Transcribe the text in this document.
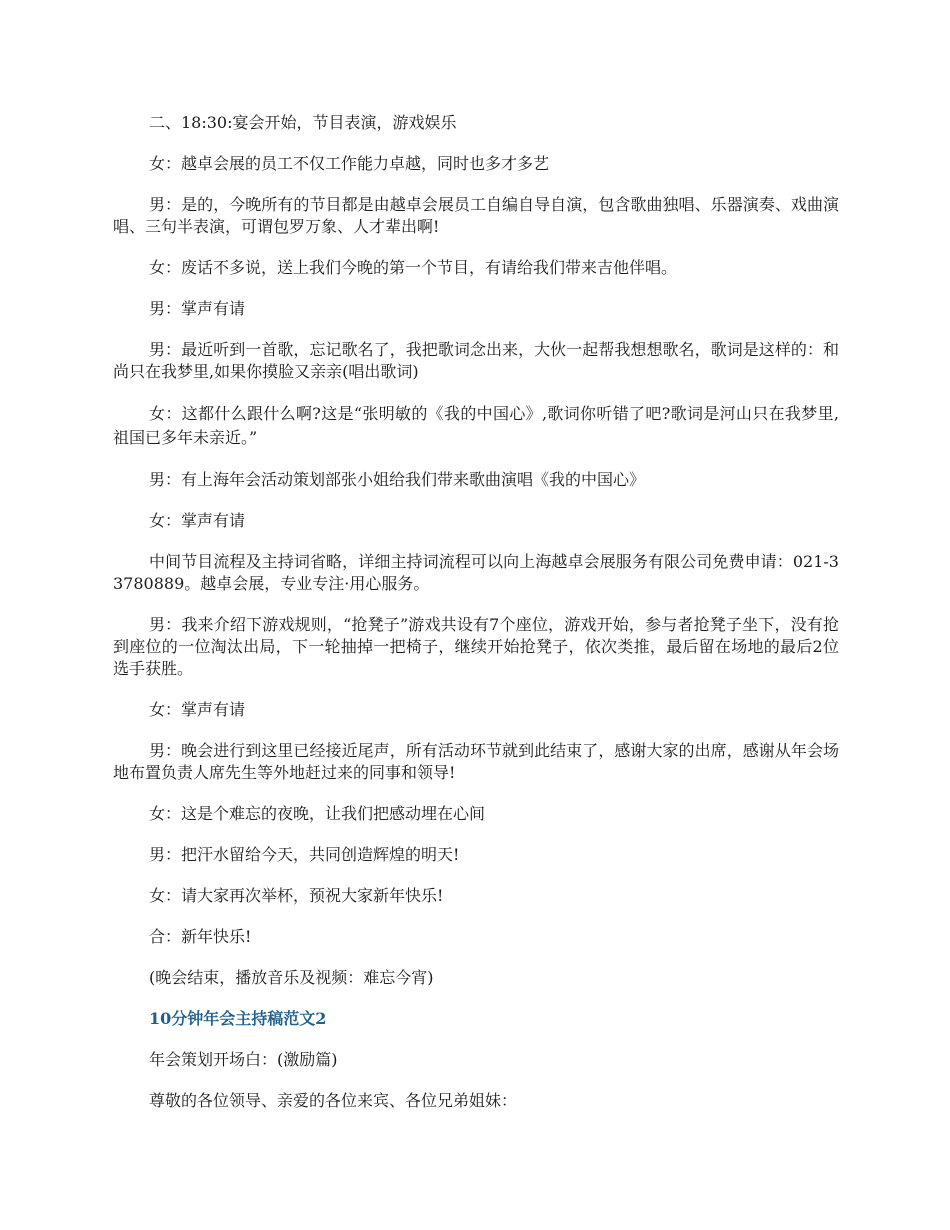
二、18:30:宴会开始，节目表演，游戏娱乐

女：越卓会展的员工不仅工作能力卓越，同时也多才多艺

男：是的，今晚所有的节目都是由越卓会展员工自编自导自演，包含歌曲独唱、乐器演奏、戏曲演唱、三句半表演，可谓包罗万象、人才辈出啊!

女：废话不多说，送上我们今晚的第一个节目，有请给我们带来吉他伴唱。

男：掌声有请

男：最近听到一首歌，忘记歌名了，我把歌词念出来，大伙一起帮我想想歌名，歌词是这样的：和尚只在我梦里,如果你摸脸又亲亲(唱出歌词)

女：这都什么跟什么啊?这是“张明敏的《我的中国心》,歌词你听错了吧?歌词是河山只在我梦里,祖国已多年未亲近。”

男：有上海年会活动策划部张小姐给我们带来歌曲演唱《我的中国心》

女：掌声有请

中间节目流程及主持词省略，详细主持词流程可以向上海越卓会展服务有限公司免费申请：021-33780889。越卓会展，专业专注·用心服务。

男：我来介绍下游戏规则，“抢凳子”游戏共设有7个座位，游戏开始，参与者抢凳子坐下，没有抢到座位的一位淘汰出局，下一轮抽掉一把椅子，继续开始抢凳子，依次类推，最后留在场地的最后2位选手获胜。

女：掌声有请

男：晚会进行到这里已经接近尾声，所有活动环节就到此结束了，感谢大家的出席，感谢从年会场地布置负责人席先生等外地赶过来的同事和领导!

女：这是个难忘的夜晚，让我们把感动埋在心间

男：把汗水留给今天，共同创造辉煌的明天!

女：请大家再次举杯，预祝大家新年快乐!

合：新年快乐!

(晚会结束，播放音乐及视频：难忘今宵)

10分钟年会主持稿范文2

年会策划开场白：(激励篇)

尊敬的各位领导、亲爱的各位来宾、各位兄弟姐妹：
